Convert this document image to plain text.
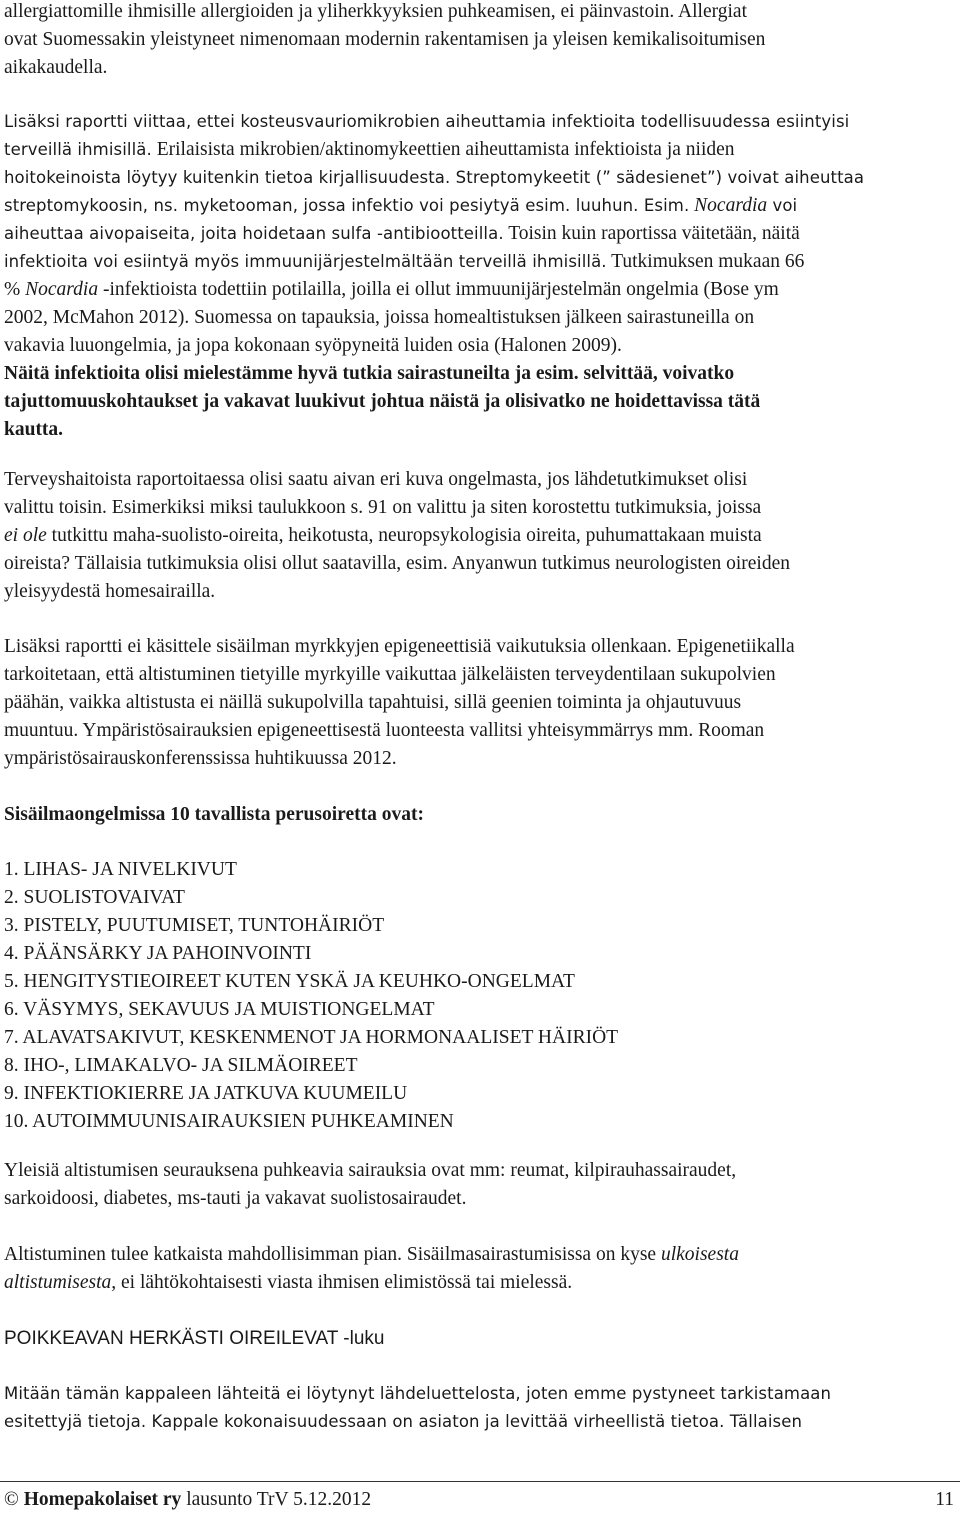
allergiattomille ihmisille allergioiden ja yliherkkyyksien puhkeamisen, ei päinvastoin. Allergiat
ovat Suomessakin yleistyneet nimenomaan modernin rakentamisen ja yleisen kemikalisoitumisen
aikakaudella.
Lisäksi raportti viittaa, ettei kosteusvauriomikrobien aiheuttamia infektioita todellisuudessa esiintyisi
terveillä ihmisillä. Erilaisista mikrobien/aktinomykeettien aiheuttamista infektioista ja niiden
hoitokeinoista löytyy kuitenkin tietoa kirjallisuudesta. Streptomykeetit (” sädesienet”) voivat aiheuttaa
streptomykoosin, ns. myketooman, jossa infektio voi pesiytyä esim. luuhun. Esim. Nocardia voi
aiheuttaa aivopaiseita, joita hoidetaan sulfa -antibiootteilla. Toisin kuin raportissa väitetään, näitä
infektioita voi esiintyä myös immuunijärjestelmältään terveillä ihmisillä. Tutkimuksen mukaan 66
% Nocardia -infektioista todettiin potilailla, joilla ei ollut immuunijärjestelmän ongelmia (Bose ym
2002, McMahon 2012). Suomessa on tapauksia, joissa homealtistuksen jälkeen sairastuneilla on
vakavia luuongelmia, ja jopa kokonaan syöpyneitä luiden osia (Halonen 2009).
Näitä infektioita olisi mielestämme hyvä tutkia sairastuneilta ja esim. selvittää, voivatko
tajuttomuuskohtaukset ja vakavat luukivut johtua näistä ja olisivatko ne hoidettavissa tätä
kautta.
Terveyshaitoista raportoitaessa olisi saatu aivan eri kuva ongelmasta, jos lähdetutkimukset olisi
valittu toisin. Esimerkiksi miksi taulukkoon s. 91 on valittu ja siten korostettu tutkimuksia, joissa
ei ole tutkittu maha-suolisto-oireita, heikotusta, neuropsykologisia oireita, puhumattakaan muista
oireista? Tällaisia tutkimuksia olisi ollut saatavilla, esim. Anyanwun tutkimus neurologisten oireiden
yleisyydestä homesairailla.
Lisäksi raportti ei käsittele sisäilman myrkkyjen epigeneettisiä vaikutuksia ollenkaan. Epigenetiikalla
tarkoitetaan, että altistuminen tietyille myrkyille vaikuttaa jälkeläisten terveydentilaan sukupolvien
päähän, vaikka altistusta ei näillä sukupolvilla tapahtuisi, sillä geenien toiminta ja ohjautuvuus
muuntuu. Ympäristösairauksien epigeneettisestä luonteesta vallitsi yhteisymmärrys mm. Rooman
ympäristösairauskonferenssissa huhtikuussa 2012.
Sisäilmaongelmissa 10 tavallista perusoiretta ovat:
1. LIHAS- JA NIVELKIVUT
2. SUOLISTOVAIVAT
3. PISTELY, PUUTUMISET, TUNTOHÄIRIÖT
4. PÄÄNSÄRKY JA PAHOINVOINTI
5. HENGITYSTIEOIREET KUTEN YSKÄ JA KEUHKO-ONGELMAT
6. VÄSYMYS, SEKAVUUS JA MUISTIONGELMAT
7. ALAVATSAKIVUT, KESKENMENOT JA HORMONAALISET HÄIRIÖT
8. IHO-, LIMAKALVO- JA SILMÄOIREET
9. INFEKTIOKIERRE JA JATKUVA KUUMEILU
10. AUTOIMMUUNISAIRAUKSIEN PUHKEAMINEN
Yleisiä altistumisen seurauksena puhkeavia sairauksia ovat mm: reumat, kilpirauhassairaudet,
sarkoidoosi, diabetes, ms-tauti ja vakavat suolistosairaudet.
Altistuminen tulee katkaista mahdollisimman pian. Sisäilmasairastumisissa on kyse ulkoisesta
altistumisesta, ei lähtökohtaisesti viasta ihmisen elimistössä tai mielessä.
POIKKEAVAN HERKÄSTI OIREILEVAT -luku
Mitään tämän kappaleen lähteitä ei löytynyt lähdeluettelosta, joten emme pystyneet tarkistamaan
esitettyjä tietoja. Kappale kokonaisuudessaan on asiaton ja levittää virheellistä tietoa. Tällaisen
© Homepakolaiset ry lausunto TrV 5.12.2012	11
